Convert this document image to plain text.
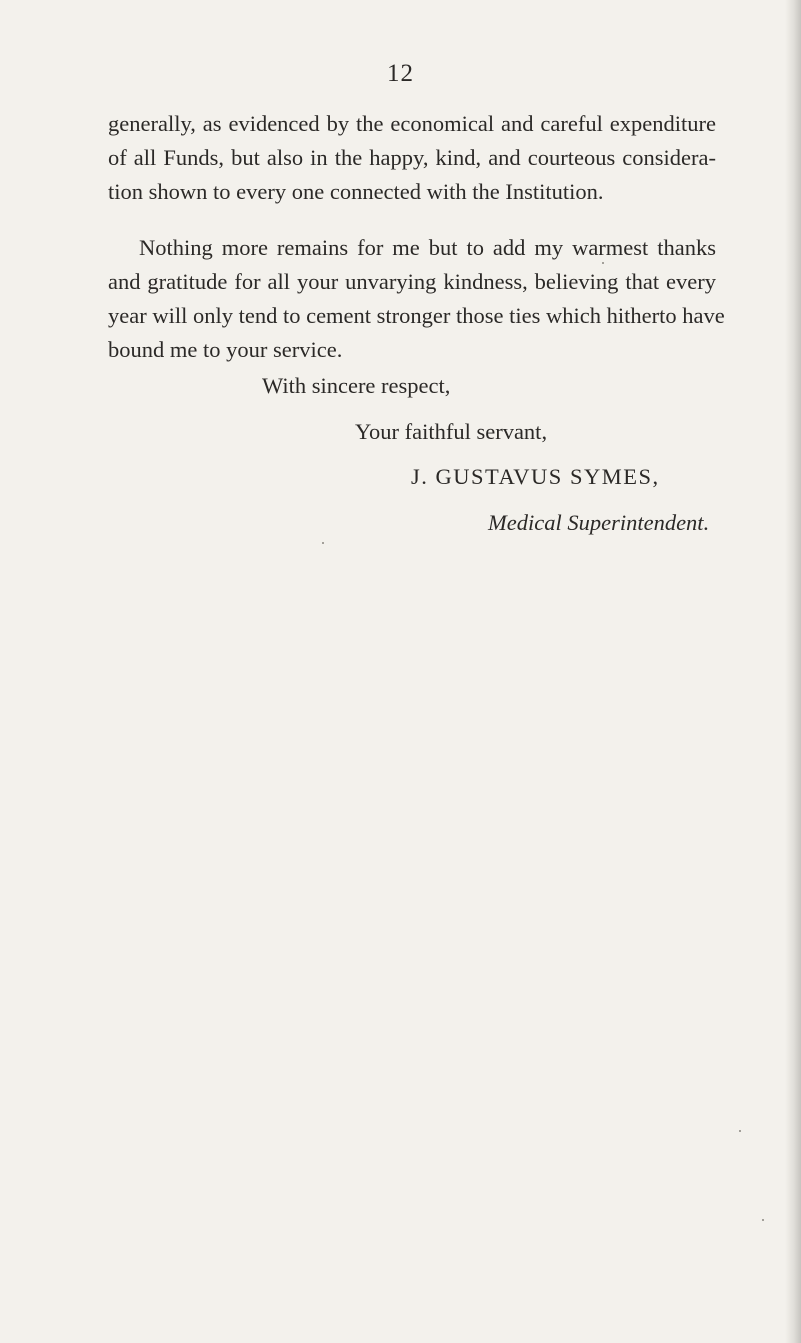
12
generally, as evidenced by the economical and careful expenditure
of all Funds, but also in the happy, kind, and courteous considera-
tion shown to every one connected with the Institution.
Nothing more remains for me but to add my warmest thanks
and gratitude for all your unvarying kindness, believing that every
year will only tend to cement stronger those ties which hitherto have
bound me to your service.
With sincere respect,
Your faithful servant,
J. GUSTAVUS SYMES,
Medical Superintendent.
